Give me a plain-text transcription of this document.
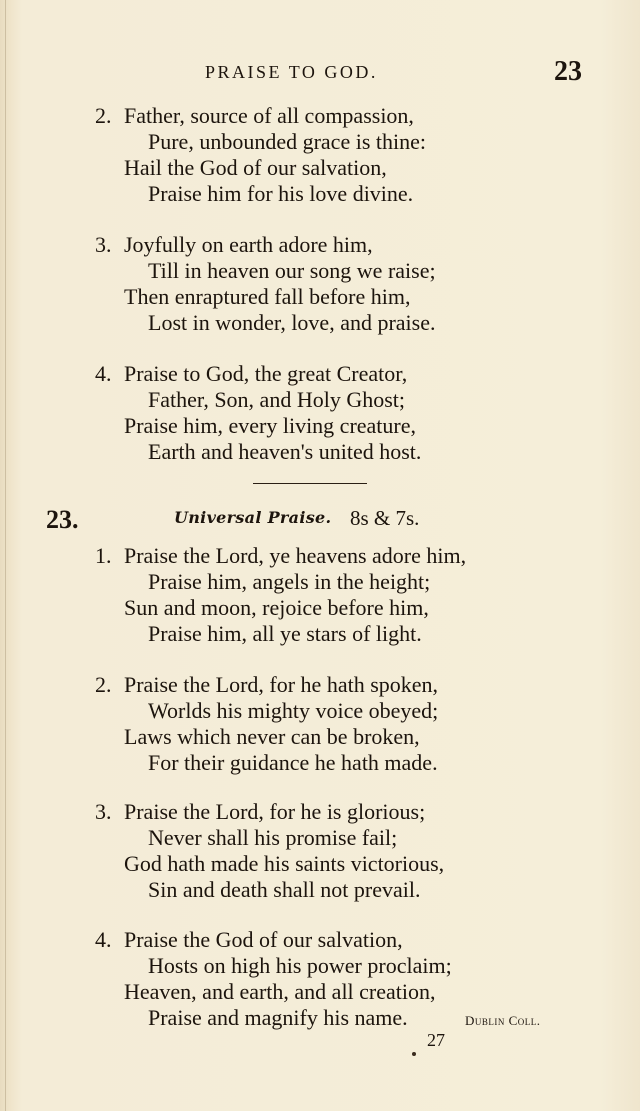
PRAISE TO GOD.	23
2. Father, source of all compassion,
Pure, unbounded grace is thine:
Hail the God of our salvation,
Praise him for his love divine.
3. Joyfully on earth adore him,
Till in heaven our song we raise;
Then enraptured fall before him,
Lost in wonder, love, and praise.
4. Praise to God, the great Creator,
Father, Son, and Holy Ghost;
Praise him, every living creature,
Earth and heaven's united host.
23.	Universal Praise. 8s & 7s.
1. Praise the Lord, ye heavens adore him,
Praise him, angels in the height;
Sun and moon, rejoice before him,
Praise him, all ye stars of light.
2. Praise the Lord, for he hath spoken,
Worlds his mighty voice obeyed;
Laws which never can be broken,
For their guidance he hath made.
3. Praise the Lord, for he is glorious;
Never shall his promise fail;
God hath made his saints victorious,
Sin and death shall not prevail.
4. Praise the God of our salvation,
Hosts on high his power proclaim;
Heaven, and earth, and all creation,
Praise and magnify his name.	Dublin Coll.
27
